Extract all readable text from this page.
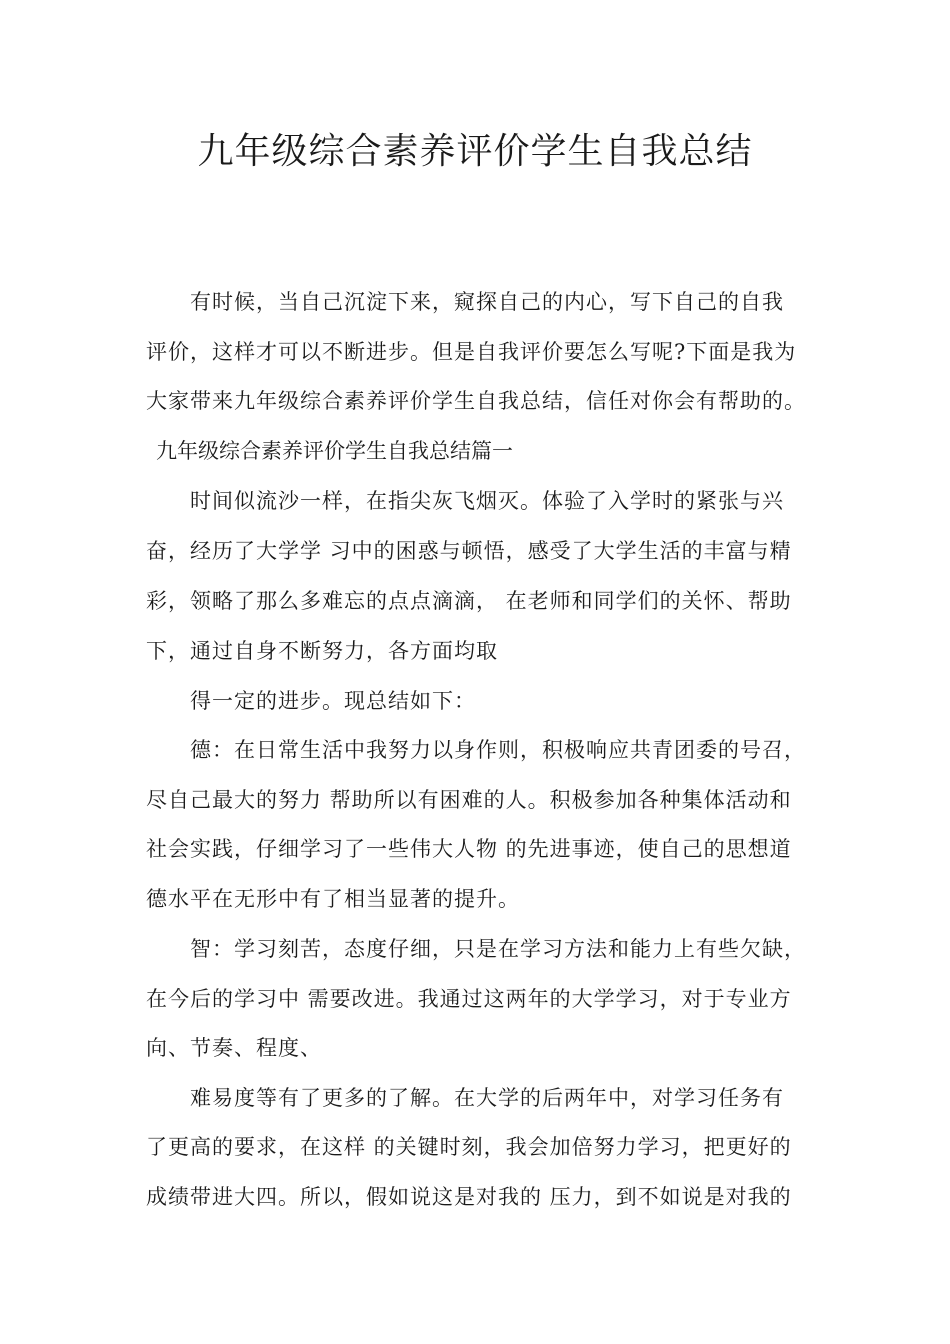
九年级综合素养评价学生自我总结
有时候，当自己沉淀下来，窥探自己的内心，写下自己的自我
评价，这样才可以不断进步。但是自我评价要怎么写呢?下面是我为
大家带来九年级综合素养评价学生自我总结，信任对你会有帮助的。
九年级综合素养评价学生自我总结篇一
时间似流沙一样，在指尖灰飞烟灭。体验了入学时的紧张与兴
奋，经历了大学学 习中的困惑与顿悟，感受了大学生活的丰富与精
彩，领略了那么多难忘的点点滴滴， 在老师和同学们的关怀、帮助
下，通过自身不断努力，各方面均取
得一定的进步。现总结如下：
德：在日常生活中我努力以身作则，积极响应共青团委的号召，
尽自己最大的努力 帮助所以有困难的人。积极参加各种集体活动和
社会实践，仔细学习了一些伟大人物 的先进事迹，使自己的思想道
德水平在无形中有了相当显著的提升。
智：学习刻苦，态度仔细，只是在学习方法和能力上有些欠缺，
在今后的学习中 需要改进。我通过这两年的大学学习，对于专业方
向、节奏、程度、
难易度等有了更多的了解。在大学的后两年中，对学习任务有
了更高的要求，在这样 的关键时刻，我会加倍努力学习，把更好的
成绩带进大四。所以，假如说这是对我的 压力，到不如说是对我的
